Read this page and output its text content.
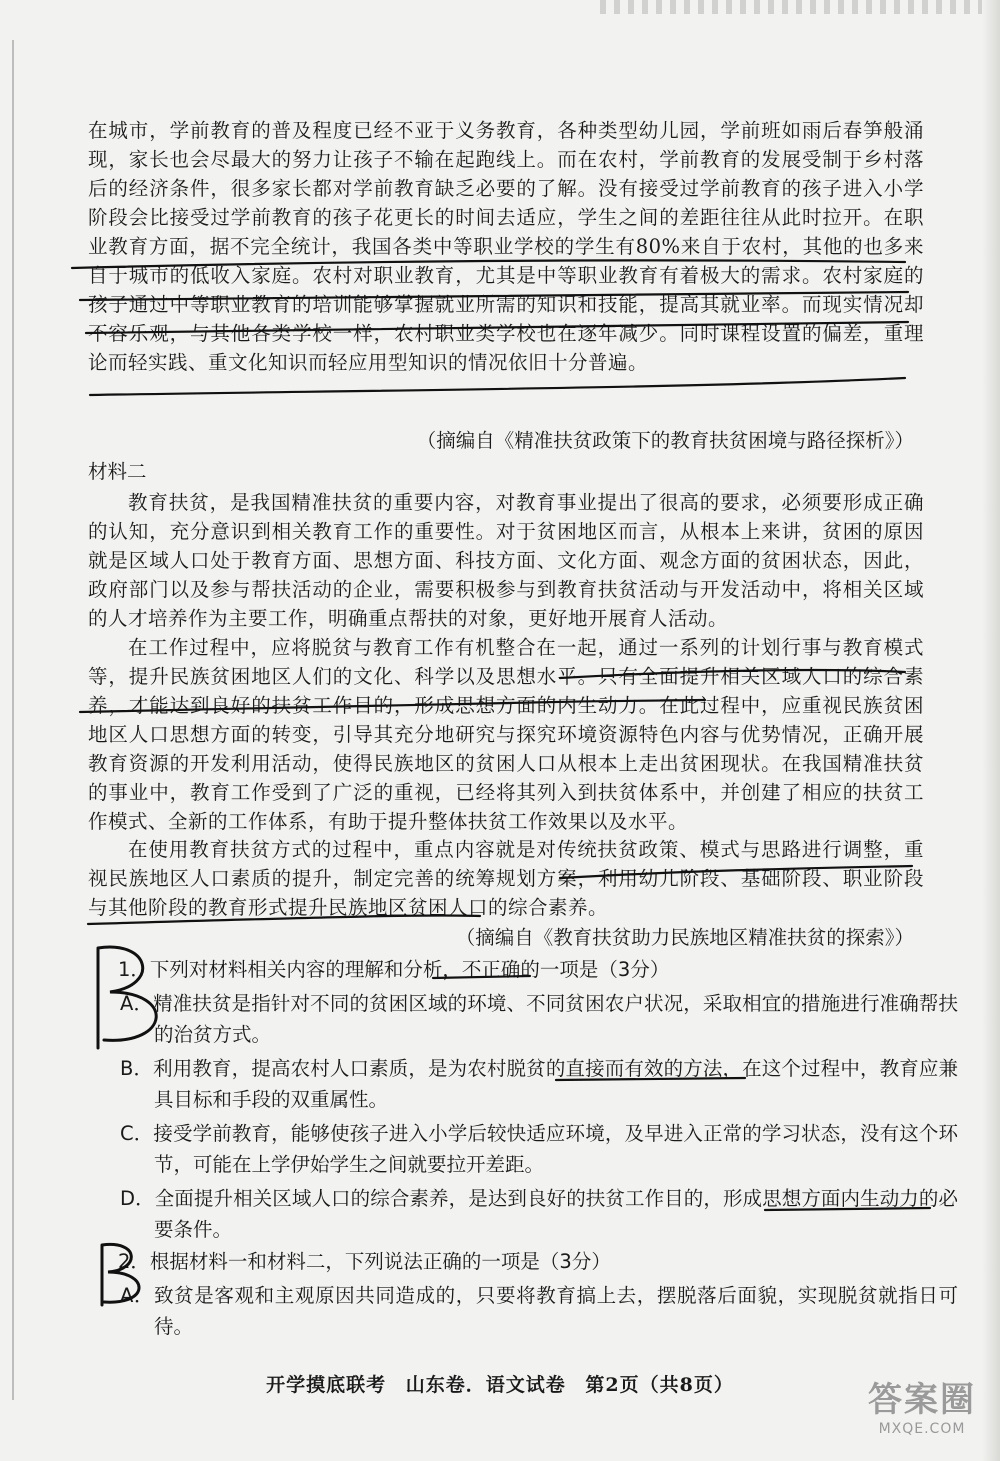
在城市，学前教育的普及程度已经不亚于义务教育，各种类型幼儿园，学前班如雨后春笋般涌现，家长也会尽最大的努力让孩子不输在起跑线上。而在农村，学前教育的发展受制于乡村落后的经济条件，很多家长都对学前教育缺乏必要的了解。没有接受过学前教育的孩子进入小学阶段会比接受过学前教育的孩子花更长的时间去适应，学生之间的差距往往从此时拉开。在职业教育方面，据不完全统计，我国各类中等职业学校的学生有80%来自于农村，其他的也多来自于城市的低收入家庭。农村对职业教育，尤其是中等职业教育有着极大的需求。农村家庭的孩子通过中等职业教育的培训能够掌握就业所需的知识和技能，提高其就业率。而现实情况却不容乐观，与其他各类学校一样，农村职业类学校也在逐年减少。同时课程设置的偏差，重理论而轻实践、重文化知识而轻应用型知识的情况依旧十分普遍。

（摘编自《精准扶贫政策下的教育扶贫困境与路径探析》）

材料二

教育扶贫，是我国精准扶贫的重要内容，对教育事业提出了很高的要求，必须要形成正确的认知，充分意识到相关教育工作的重要性。对于贫困地区而言，从根本上来讲，贫困的原因就是区域人口处于教育方面、思想方面、科技方面、文化方面、观念方面的贫困状态，因此，政府部门以及参与帮扶活动的企业，需要积极参与到教育扶贫活动与开发活动中，将相关区域的人才培养作为主要工作，明确重点帮扶的对象，更好地开展育人活动。

在工作过程中，应将脱贫与教育工作有机整合在一起，通过一系列的计划行事与教育模式等，提升民族贫困地区人们的文化、科学以及思想水平。只有全面提升相关区域人口的综合素养，才能达到良好的扶贫工作目的，形成思想方面的内生动力。在此过程中，应重视民族贫困地区人口思想方面的转变，引导其充分地研究与探究环境资源特色内容与优势情况，正确开展教育资源的开发利用活动，使得民族地区的贫困人口从根本上走出贫困现状。在我国精准扶贫的事业中，教育工作受到了广泛的重视，已经将其列入到扶贫体系中，并创建了相应的扶贫工作模式、全新的工作体系，有助于提升整体扶贫工作效果以及水平。

在使用教育扶贫方式的过程中，重点内容就是对传统扶贫政策、模式与思路进行调整，重视民族地区人口素质的提升，制定完善的统筹规划方案，利用幼儿阶段、基础阶段、职业阶段与其他阶段的教育形式提升民族地区贫困人口的综合素养。

（摘编自《教育扶贫助力民族地区精准扶贫的探索》）

1．下列对材料相关内容的理解和分析，不正确的一项是（3分）

A．精准扶贫是指针对不同的贫困区域的环境、不同贫困农户状况，采取相宜的措施进行准确帮扶的治贫方式。

B．利用教育，提高农村人口素质，是为农村脱贫的直接而有效的方法，在这个过程中，教育应兼具目标和手段的双重属性。

C．接受学前教育，能够使孩子进入小学后较快适应环境，及早进入正常的学习状态，没有这个环节，可能在上学伊始学生之间就要拉开差距。

D．全面提升相关区域人口的综合素养，是达到良好的扶贫工作目的，形成思想方面内生动力的必要条件。

2．根据材料一和材料二，下列说法正确的一项是（3分）

A．致贫是客观和主观原因共同造成的，只要将教育搞上去，摆脱落后面貌，实现脱贫就指日可待。

开学摸底联考 山东卷．语文试卷 第2页（共8页）	答案圈
MXQE.COM
